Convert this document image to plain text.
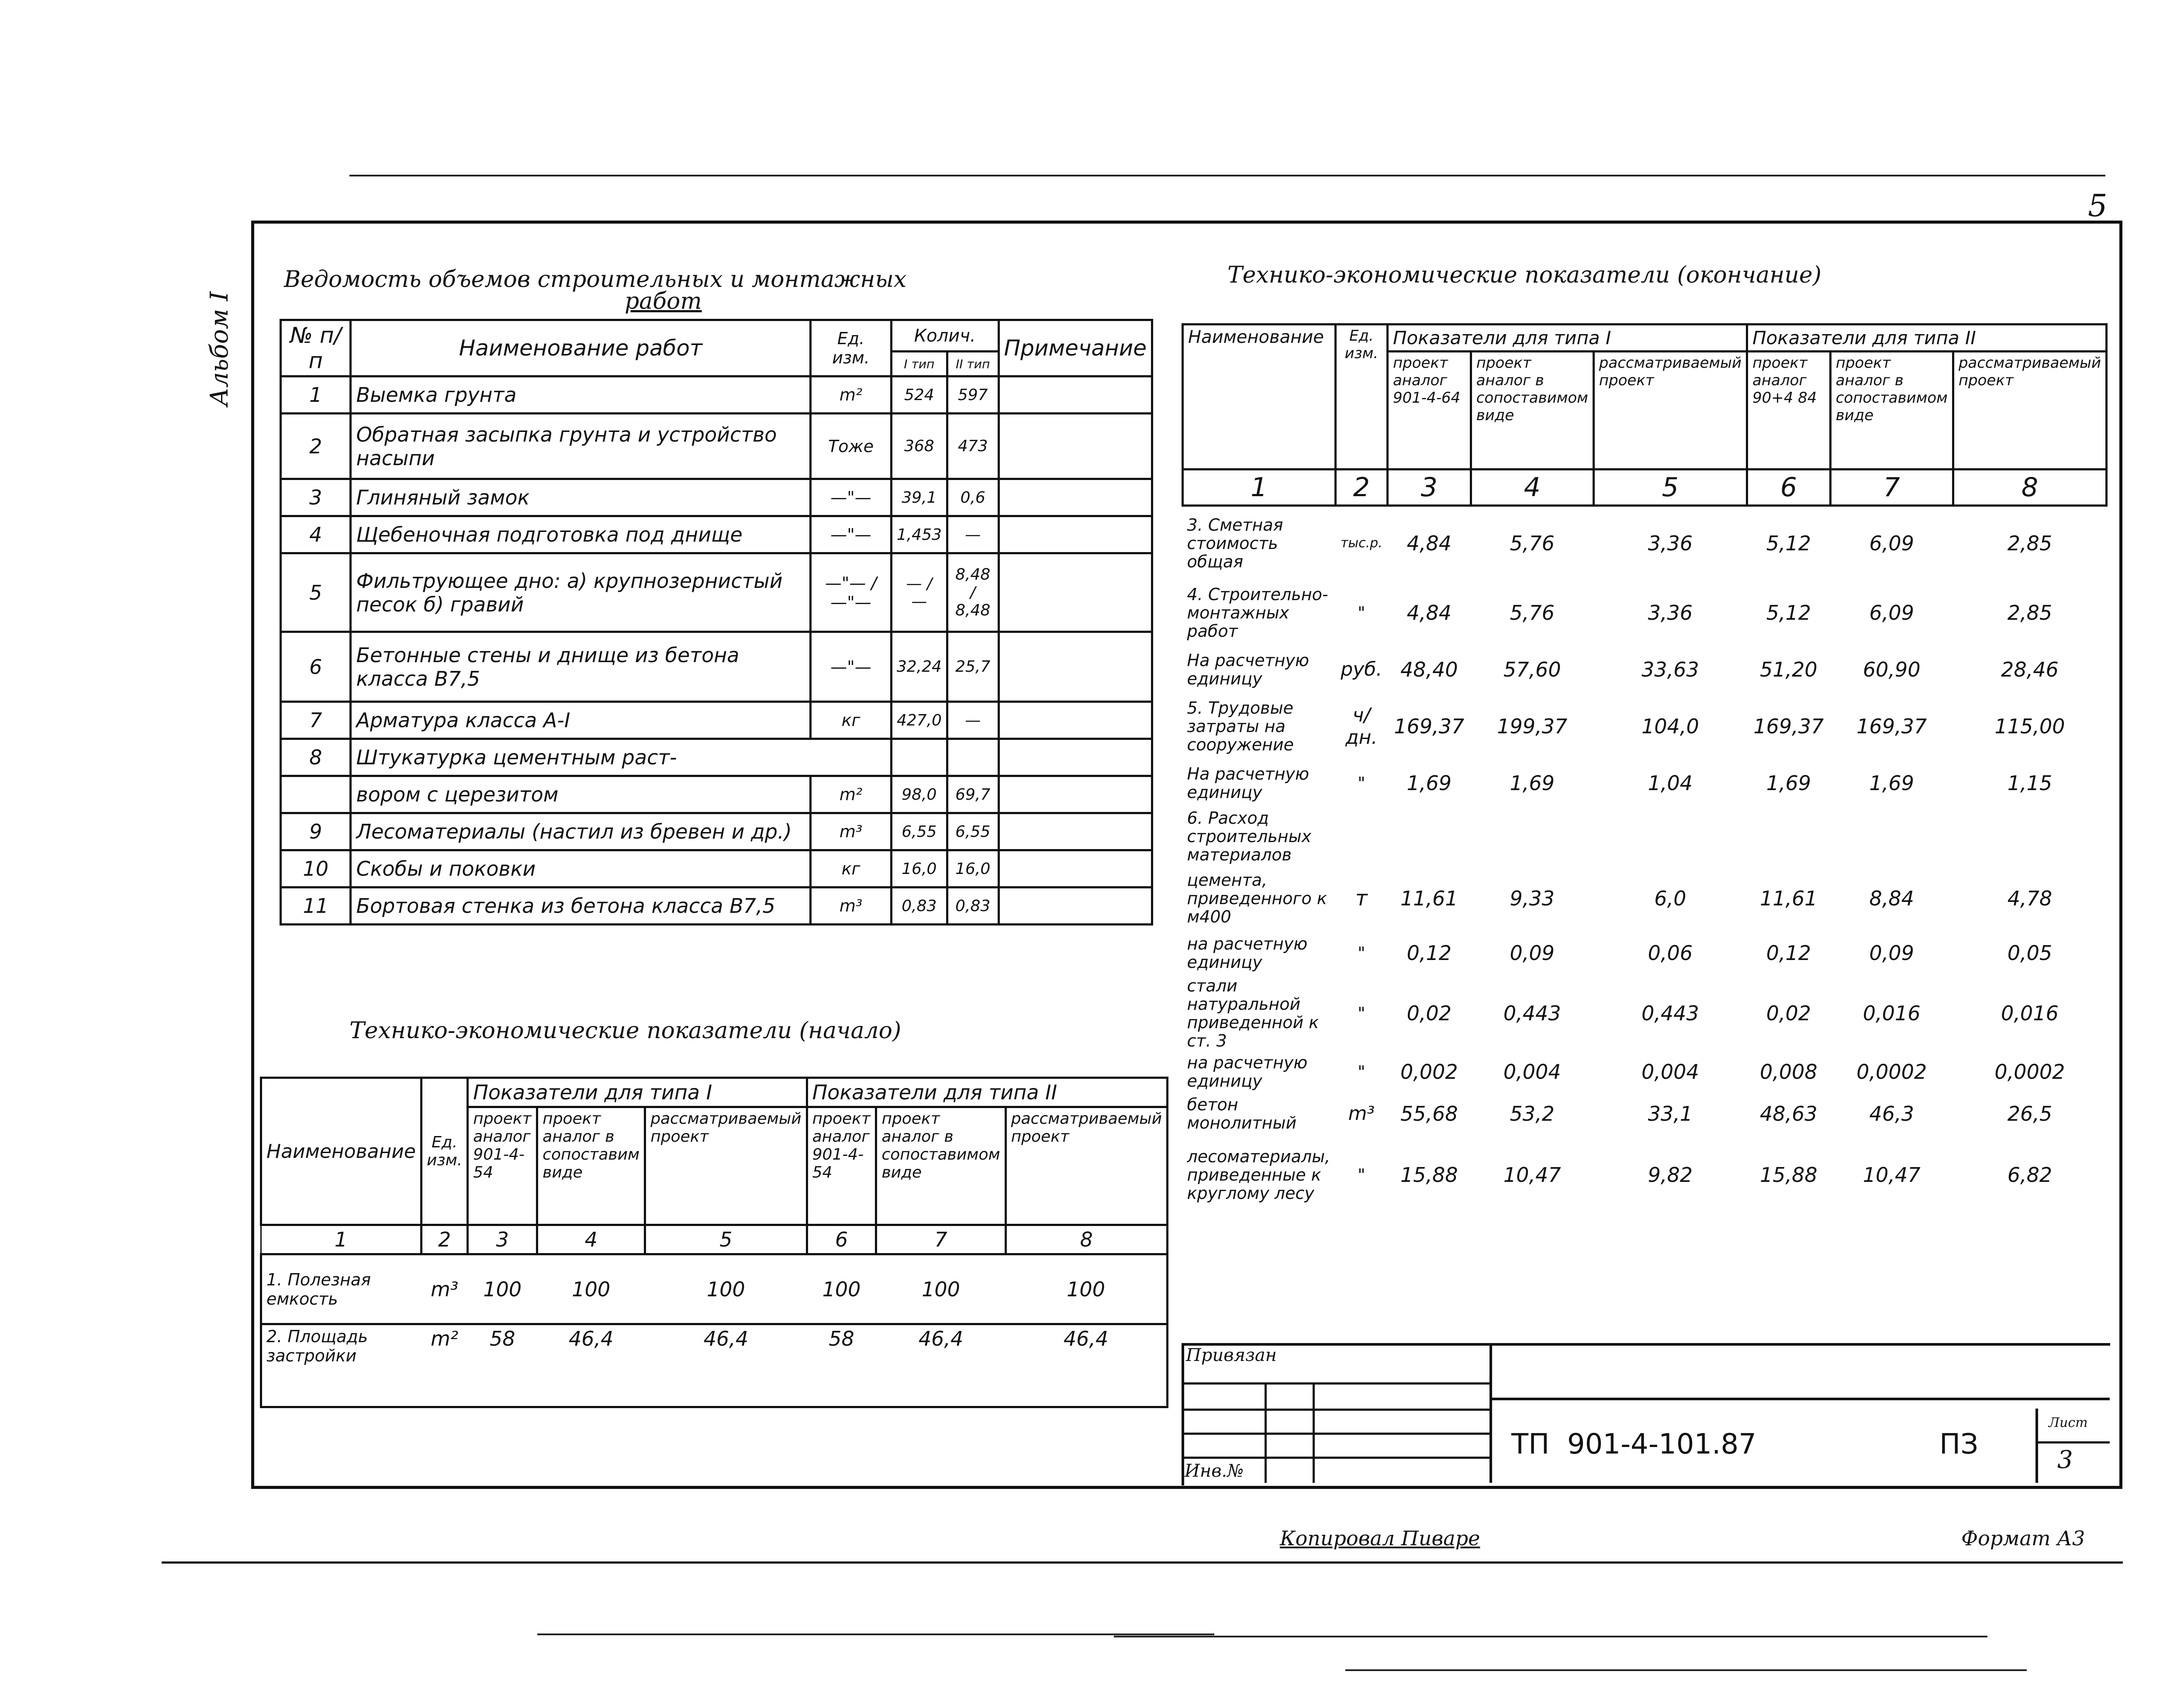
5
Альбом I
Ведомость объемов строительных и монтажных
работ
Технико-экономические показатели (окончание)
Технико-экономические показатели (начало)
№ п/п	Наименование работ	Ед. изм.	Колич.		Примечание
			I тип	II тип	
1	Выемка грунта	m²	524	597	
2	Обратная засыпка грунта и устройство насыпи	Тоже	368	473	
3	Глиняный замок	—"—	39,1	0,6	
4	Щебеночная подготовка под днище	—"—	1,453	—	
5	Фильтрующее дно: а) крупнозернистый песок б) гравий	—"— / —"—	— / —	8,48 / 8,48	
6	Бетонные стены и днище из бетона класса В7,5	—"—	32,24	25,7	
7	Арматура класса А-I	кг	427,0	—	
8	Штукатурка цементным раст-				
	вором с церезитом	m²	98,0	69,7	
9	Лесоматериалы (настил из бревен и др.)	m³	6,55	6,55	
10	Скобы и поковки	кг	16,0	16,0	
11	Бортовая стенка из бетона класса В7,5	m³	0,83	0,83	
Наименование	Ед. изм.	Показатели для типа I			Показатели для типа II		
		проект аналог 901-4-54	проект аналог в сопоставим виде	рассматриваемый проект	проект аналог 901-4-54	проект аналог в сопоставимом виде	рассматриваемый проект
1	2	3	4	5	6	7	8
1. Полезная емкость	m³	100	100	100	100	100	100
2. Площадь застройки	m²	58	46,4	46,4	58	46,4	46,4
Наименование	Ед. изм.	Показатели для типа I			Показатели для типа II		
		проект аналог 901-4-64	проект аналог в сопоставимом виде	рассматриваемый проект	проект аналог 90+4 84	проект аналог в сопоставимом виде	рассматриваемый проект
1	2	3	4	5	6	7	8
3. Сметная стоимость общая	тыс.р.	4,84	5,76	3,36	5,12	6,09	2,85
4. Строительно-монтажных работ	"	4,84	5,76	3,36	5,12	6,09	2,85
На расчетную единицу	руб.	48,40	57,60	33,63	51,20	60,90	28,46
5. Трудовые затраты на сооружение	ч/дн.	169,37	199,37	104,0	169,37	169,37	115,00
На расчетную единицу	"	1,69	1,69	1,04	1,69	1,69	1,15
6. Расход строительных материалов							
цемента, приведенного к м400	т	11,61	9,33	6,0	11,61	8,84	4,78
на расчетную единицу	"	0,12	0,09	0,06	0,12	0,09	0,05
стали натуральной приведенной к ст. 3	"	0,02	0,443	0,443	0,02	0,016	0,016
на расчетную единицу	"	0,002	0,004	0,004	0,008	0,0002	0,0002
бетон монолитный	m³	55,68	53,2	33,1	48,63	46,3	26,5
лесоматериалы, приведенные к круглому лесу	"	15,88	10,47	9,82	15,88	10,47	6,82
Привязан
Инв.№
ТП  901-4-101.87	ПЗ
Лист
3
Копировал Пиваре	Формат А3
